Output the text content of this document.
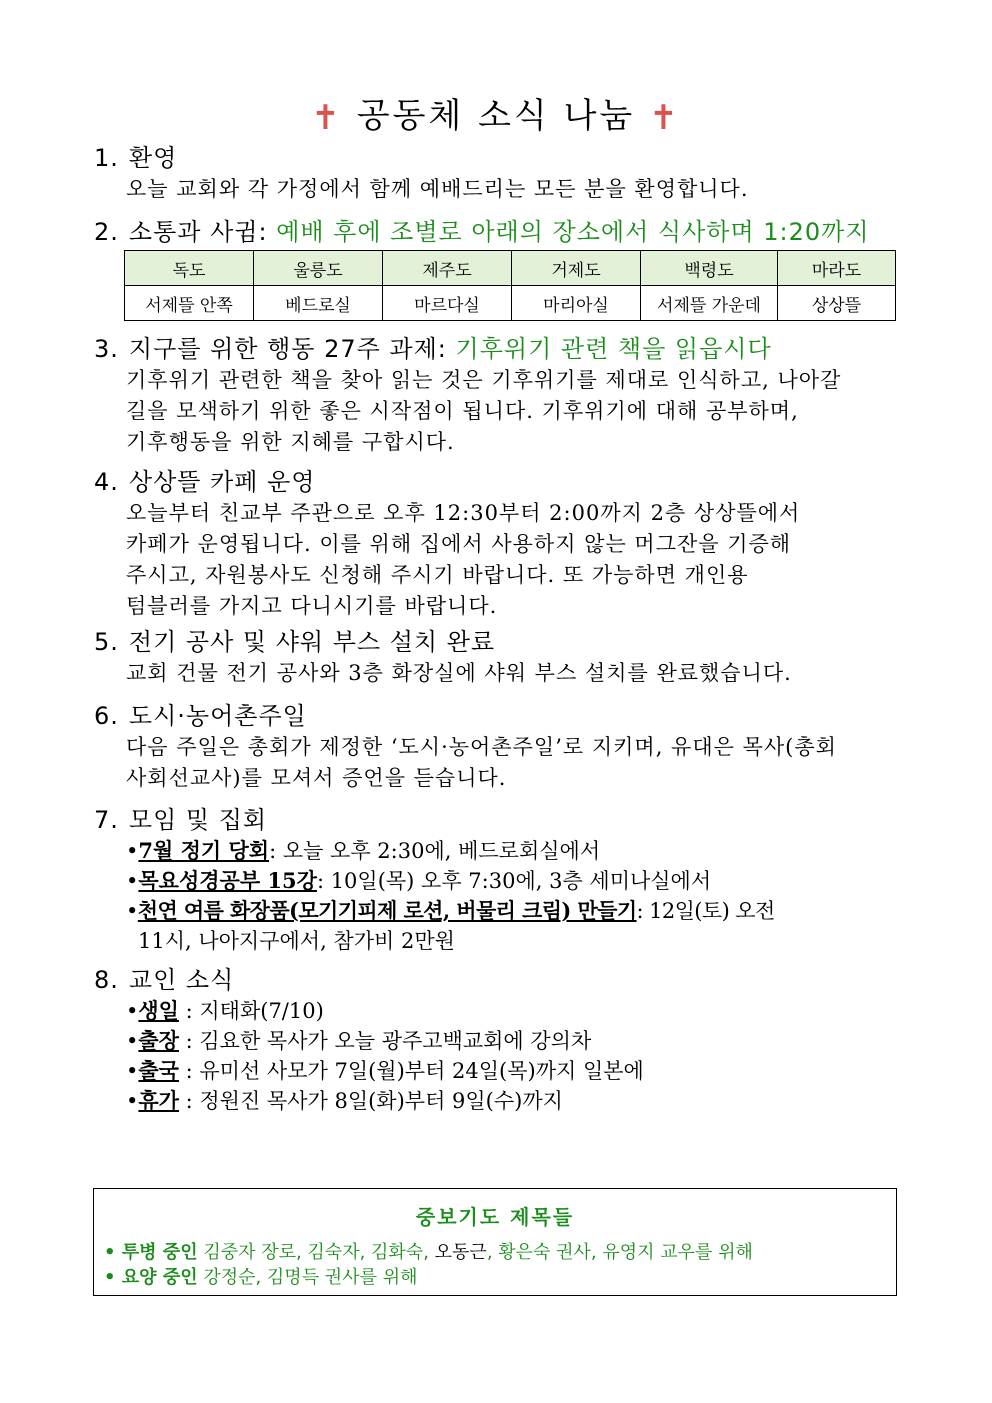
✝ 공동체 소식 나눔 ✝
1. 환영
오늘 교회와 각 가정에서 함께 예배드리는 모든 분을 환영합니다.
2. 소통과 사귐: 예배 후에 조별로 아래의 장소에서 식사하며 1:20까지
독도	울릉도	제주도	거제도	백령도	마라도
서제뜰 안쪽	베드로실	마르다실	마리아실	서제뜰 가운데	상상뜰
3. 지구를 위한 행동 27주 과제: 기후위기 관련 책을 읽읍시다
기후위기 관련한 책을 찾아 읽는 것은 기후위기를 제대로 인식하고, 나아갈
길을 모색하기 위한 좋은 시작점이 됩니다. 기후위기에 대해 공부하며,
기후행동을 위한 지혜를 구합시다.
4. 상상뜰 카페 운영
오늘부터 친교부 주관으로 오후 12:30부터 2:00까지 2층 상상뜰에서
카페가 운영됩니다. 이를 위해 집에서 사용하지 않는 머그잔을 기증해
주시고, 자원봉사도 신청해 주시기 바랍니다. 또 가능하면 개인용
텀블러를 가지고 다니시기를 바랍니다.
5. 전기 공사 및 샤워 부스 설치 완료
교회 건물 전기 공사와 3층 화장실에 샤워 부스 설치를 완료했습니다.
6. 도시·농어촌주일
다음 주일은 총회가 제정한 ‘도시·농어촌주일’로 지키며, 유대은 목사(총회
사회선교사)를 모셔서 증언을 듣습니다.
7. 모임 및 집회
•7월 정기 당회: 오늘 오후 2:30에, 베드로회실에서
•목요성경공부 15강: 10일(목) 오후 7:30에, 3층 세미나실에서
•천연 여름 화장품(모기기피제 로션, 버물리 크림) 만들기: 12일(토) 오전
11시, 나아지구에서, 참가비 2만원
8. 교인 소식
•생일 : 지태화(7/10)
•출장 : 김요한 목사가 오늘 광주고백교회에 강의차
•출국 : 유미선 사모가 7일(월)부터 24일(목)까지 일본에
•휴가 : 정원진 목사가 8일(화)부터 9일(수)까지
중보기도 제목들
• 투병 중인 김중자 장로, 김숙자, 김화숙, 오동근, 황은숙 권사, 유영지 교우를 위해
• 요양 중인 강정순, 김명득 권사를 위해
